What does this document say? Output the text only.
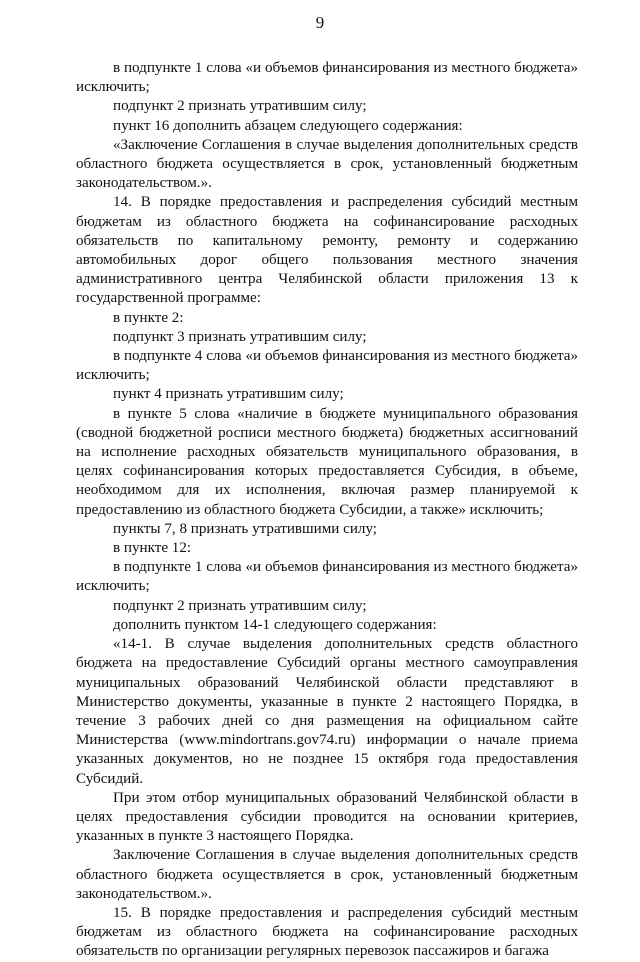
9

в подпункте 1 слова «и объемов финансирования из местного бюджета» исключить;

подпункт 2 признать утратившим силу;

пункт 16 дополнить абзацем следующего содержания:

«Заключение Соглашения в случае выделения дополнительных средств областного бюджета осуществляется в срок, установленный бюджетным законодательством.».

14. В порядке предоставления и распределения субсидий местным бюджетам из областного бюджета на софинансирование расходных обязательств по капитальному ремонту, ремонту и содержанию автомобильных дорог общего пользования местного значения административного центра Челябинской области приложения 13 к государственной программе:

в пункте 2:

подпункт 3 признать утратившим силу;

в подпункте 4 слова «и объемов финансирования из местного бюджета» исключить;

пункт 4 признать утратившим силу;

в пункте 5 слова «наличие в бюджете муниципального образования (сводной бюджетной росписи местного бюджета) бюджетных ассигнований на исполнение расходных обязательств муниципального образования, в целях софинансирования которых предоставляется Субсидия, в объеме, необходимом для их исполнения, включая размер планируемой к предоставлению из областного бюджета Субсидии, а также» исключить;

пункты 7, 8 признать утратившими силу;

в пункте 12:

в подпункте 1 слова «и объемов финансирования из местного бюджета» исключить;

подпункт 2 признать утратившим силу;

дополнить пунктом 14-1 следующего содержания:

«14-1. В случае выделения дополнительных средств областного бюджета на предоставление Субсидий органы местного самоуправления муниципальных образований Челябинской области представляют в Министерство документы, указанные в пункте 2 настоящего Порядка, в течение 3 рабочих дней со дня размещения на официальном сайте Министерства (www.mindortrans.gov74.ru) информации о начале приема указанных документов, но не позднее 15 октября года предоставления Субсидий.

При этом отбор муниципальных образований Челябинской области в целях предоставления субсидии проводится на основании критериев, указанных в пункте 3 настоящего Порядка.

Заключение Соглашения в случае выделения дополнительных средств областного бюджета осуществляется в срок, установленный бюджетным законодательством.».

15. В порядке предоставления и распределения субсидий местным бюджетам из областного бюджета на софинансирование расходных обязательств по организации регулярных перевозок пассажиров и багажа
